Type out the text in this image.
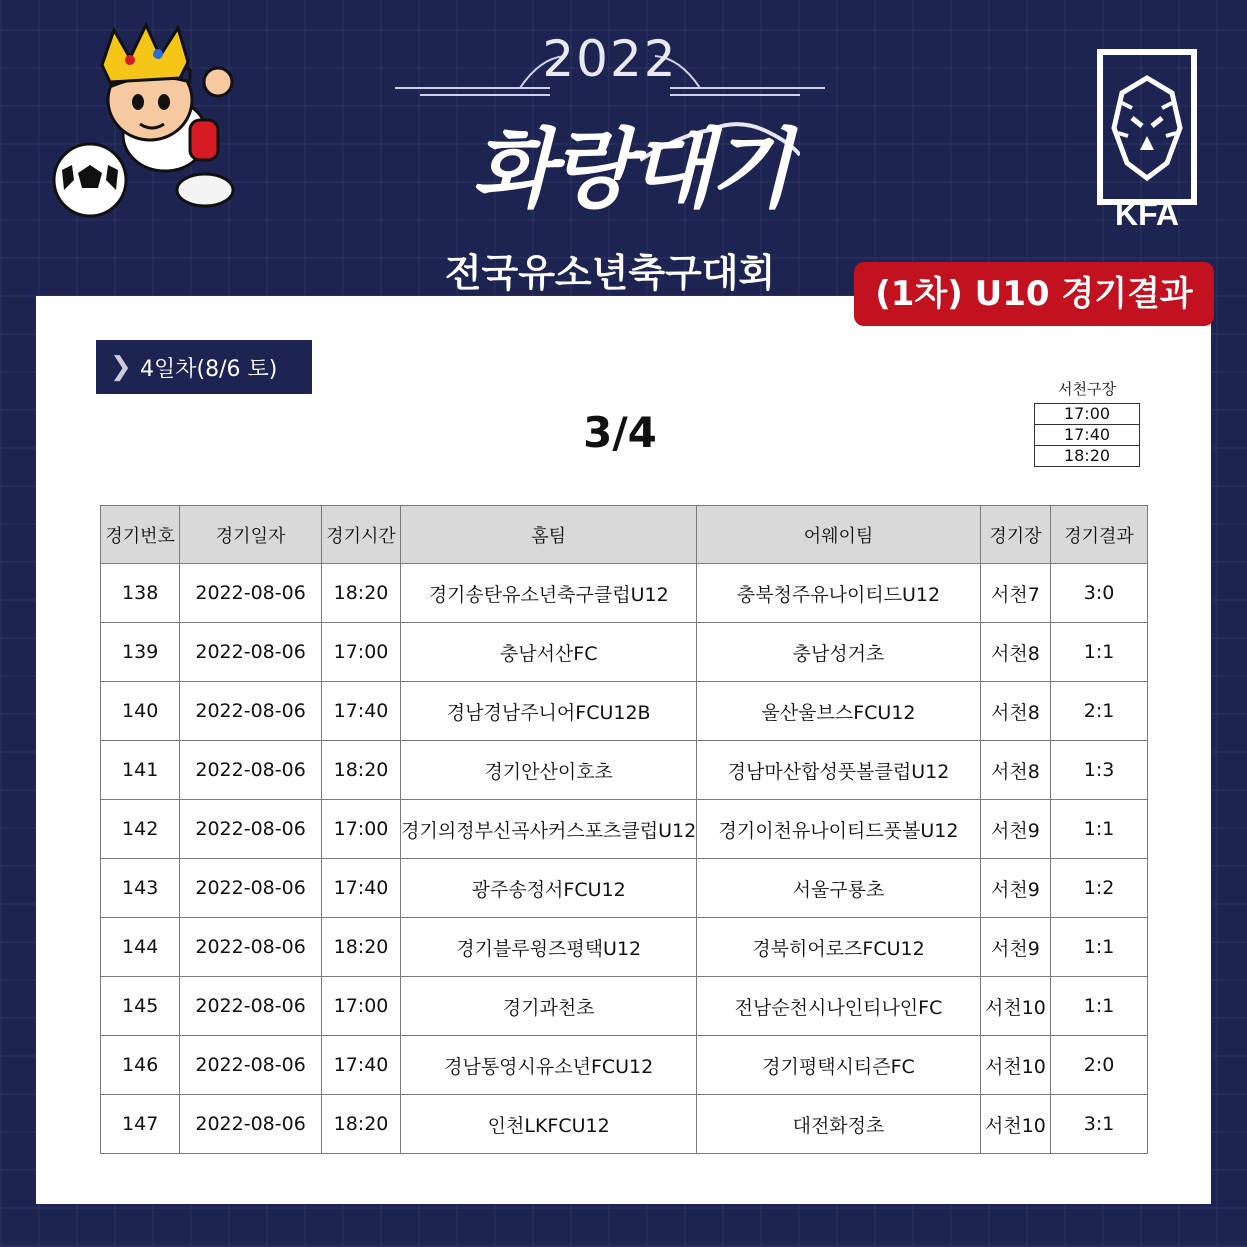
2022
화랑대기
전국유소년축구대회
KFA
(1차) U10 경기결과
❯ 4일차(8/6 토)
3/4
서천구장
17:00
17:40
18:20
경기번호	경기일자	경기시간	홈팀	어웨이팀	경기장	경기결과
138	2022-08-06	18:20	경기송탄유소년축구클럽U12	충북청주유나이티드U12	서천7	3:0
139	2022-08-06	17:00	충남서산FC	충남성거초	서천8	1:1
140	2022-08-06	17:40	경남경남주니어FCU12B	울산울브스FCU12	서천8	2:1
141	2022-08-06	18:20	경기안산이호초	경남마산합성풋볼클럽U12	서천8	1:3
142	2022-08-06	17:00	경기의정부신곡사커스포츠클럽U12	경기이천유나이티드풋볼U12	서천9	1:1
143	2022-08-06	17:40	광주송정서FCU12	서울구룡초	서천9	1:2
144	2022-08-06	18:20	경기블루윙즈평택U12	경북히어로즈FCU12	서천9	1:1
145	2022-08-06	17:00	경기과천초	전남순천시나인티나인FC	서천10	1:1
146	2022-08-06	17:40	경남통영시유소년FCU12	경기평택시티즌FC	서천10	2:0
147	2022-08-06	18:20	인천LKFCU12	대전화정초	서천10	3:1
